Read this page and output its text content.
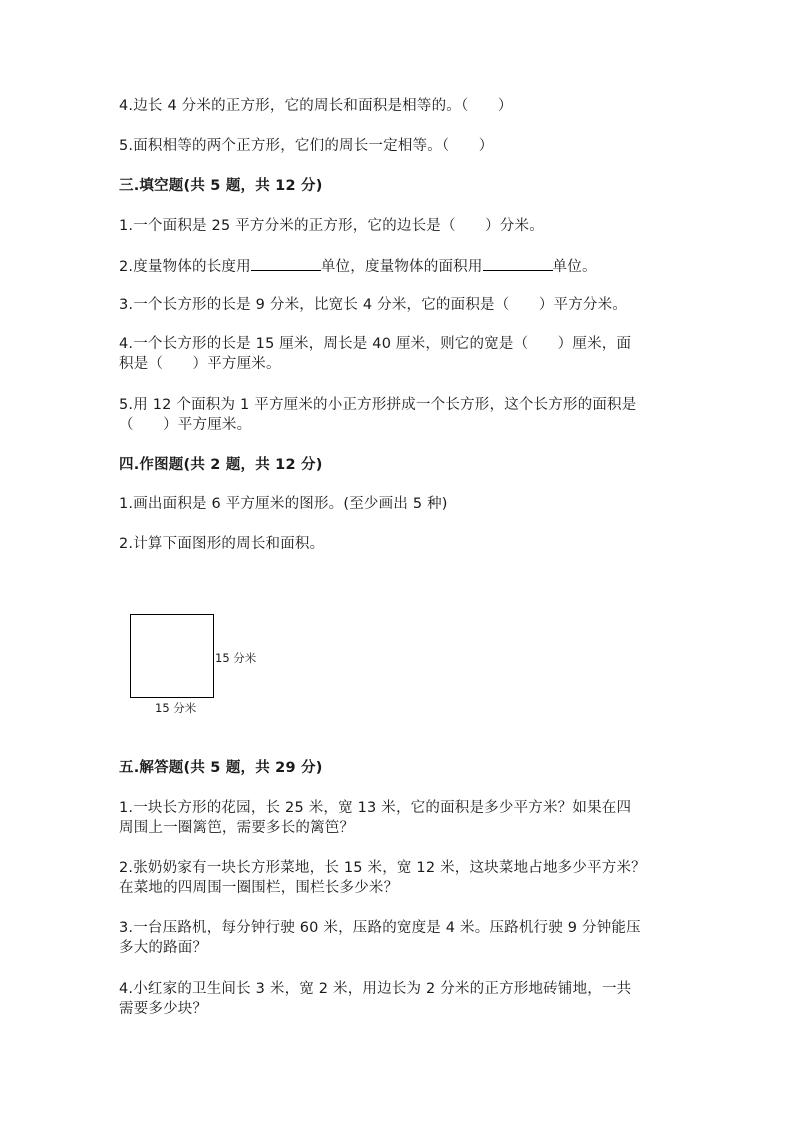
4.边长 4 分米的正方形，它的周长和面积是相等的。（　　）
5.面积相等的两个正方形，它们的周长一定相等。（　　）
三.填空题(共 5 题，共 12 分)
1.一个面积是 25 平方分米的正方形，它的边长是（　　）分米。
2.度量物体的长度用	单位，度量物体的面积用	单位。
3.一个长方形的长是 9 分米，比宽长 4 分米，它的面积是（　　）平方分米。
4.一个长方形的长是 15 厘米，周长是 40 厘米，则它的宽是（　　）厘米，面
积是（　　）平方厘米。
5.用 12 个面积为 1 平方厘米的小正方形拼成一个长方形，这个长方形的面积是
（　　）平方厘米。
四.作图题(共 2 题，共 12 分)
1.画出面积是 6 平方厘米的图形。(至少画出 5 种)
2.计算下面图形的周长和面积。
15 分米
15 分米
五.解答题(共 5 题，共 29 分)
1.一块长方形的花园，长 25 米，宽 13 米，它的面积是多少平方米？如果在四
周围上一圈篱笆，需要多长的篱笆？
2.张奶奶家有一块长方形菜地，长 15 米，宽 12 米，这块菜地占地多少平方米？
在菜地的四周围一圈围栏，围栏长多少米？
3.一台压路机，每分钟行驶 60 米，压路的宽度是 4 米。压路机行驶 9 分钟能压
多大的路面？
4.小红家的卫生间长 3 米，宽 2 米，用边长为 2 分米的正方形地砖铺地，一共
需要多少块？
